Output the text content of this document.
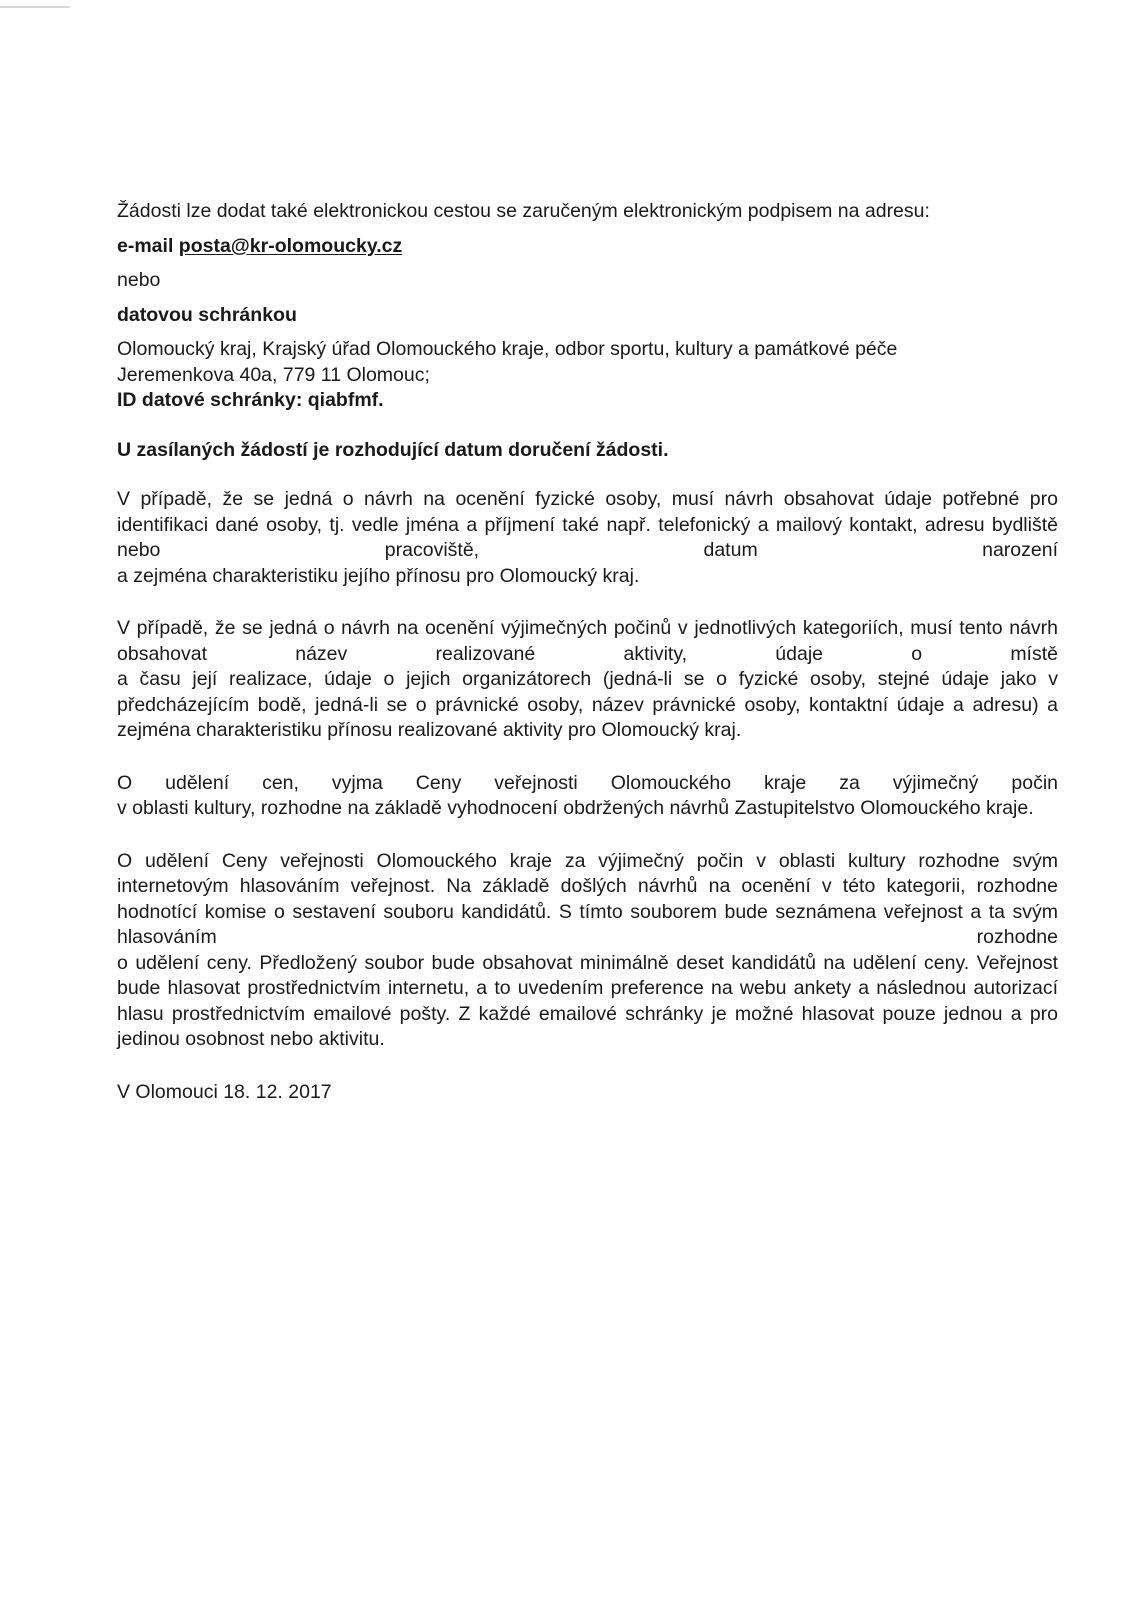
Žádosti lze dodat také elektronickou cestou se zaručeným elektronickým podpisem na adresu:

e-mail posta@kr-olomoucky.cz

nebo

datovou schránkou

Olomoucký kraj, Krajský úřad Olomouckého kraje, odbor sportu, kultury a památkové péče

Jeremenkova 40a, 779 11 Olomouc;

ID datové schránky: qiabfmf.

U zasílaných žádostí je rozhodující datum doručení žádosti.

V případě, že se jedná o návrh na ocenění fyzické osoby, musí návrh obsahovat údaje potřebné pro identifikaci dané osoby, tj. vedle jména a příjmení také např. telefonický a mailový kontakt, adresu bydliště nebo pracoviště, datum narození

a zejména charakteristiku jejího přínosu pro Olomoucký kraj.

V případě, že se jedná o návrh na ocenění výjimečných počinů v jednotlivých kategoriích, musí tento návrh obsahovat název realizované aktivity, údaje o místě

a času její realizace, údaje o jejich organizátorech (jedná-li se o fyzické osoby, stejné údaje jako v předcházejícím bodě, jedná-li se o právnické osoby, název právnické osoby, kontaktní údaje a adresu) a zejména charakteristiku přínosu realizované aktivity pro Olomoucký kraj.

O udělení cen, vyjma Ceny veřejnosti Olomouckého kraje za výjimečný počin

v oblasti kultury, rozhodne na základě vyhodnocení obdržených návrhů Zastupitelstvo Olomouckého kraje.

O udělení Ceny veřejnosti Olomouckého kraje za výjimečný počin v oblasti kultury rozhodne svým internetovým hlasováním veřejnost. Na základě došlých návrhů na ocenění v této kategorii, rozhodne hodnotící komise o sestavení souboru kandidátů. S tímto souborem bude seznámena veřejnost a ta svým hlasováním rozhodne

o udělení ceny. Předložený soubor bude obsahovat minimálně deset kandidátů na udělení ceny. Veřejnost bude hlasovat prostřednictvím internetu, a to uvedením preference na webu ankety a následnou autorizací hlasu prostřednictvím emailové pošty. Z každé emailové schránky je možné hlasovat pouze jednou a pro jedinou osobnost nebo aktivitu.

V Olomouci 18. 12. 2017
